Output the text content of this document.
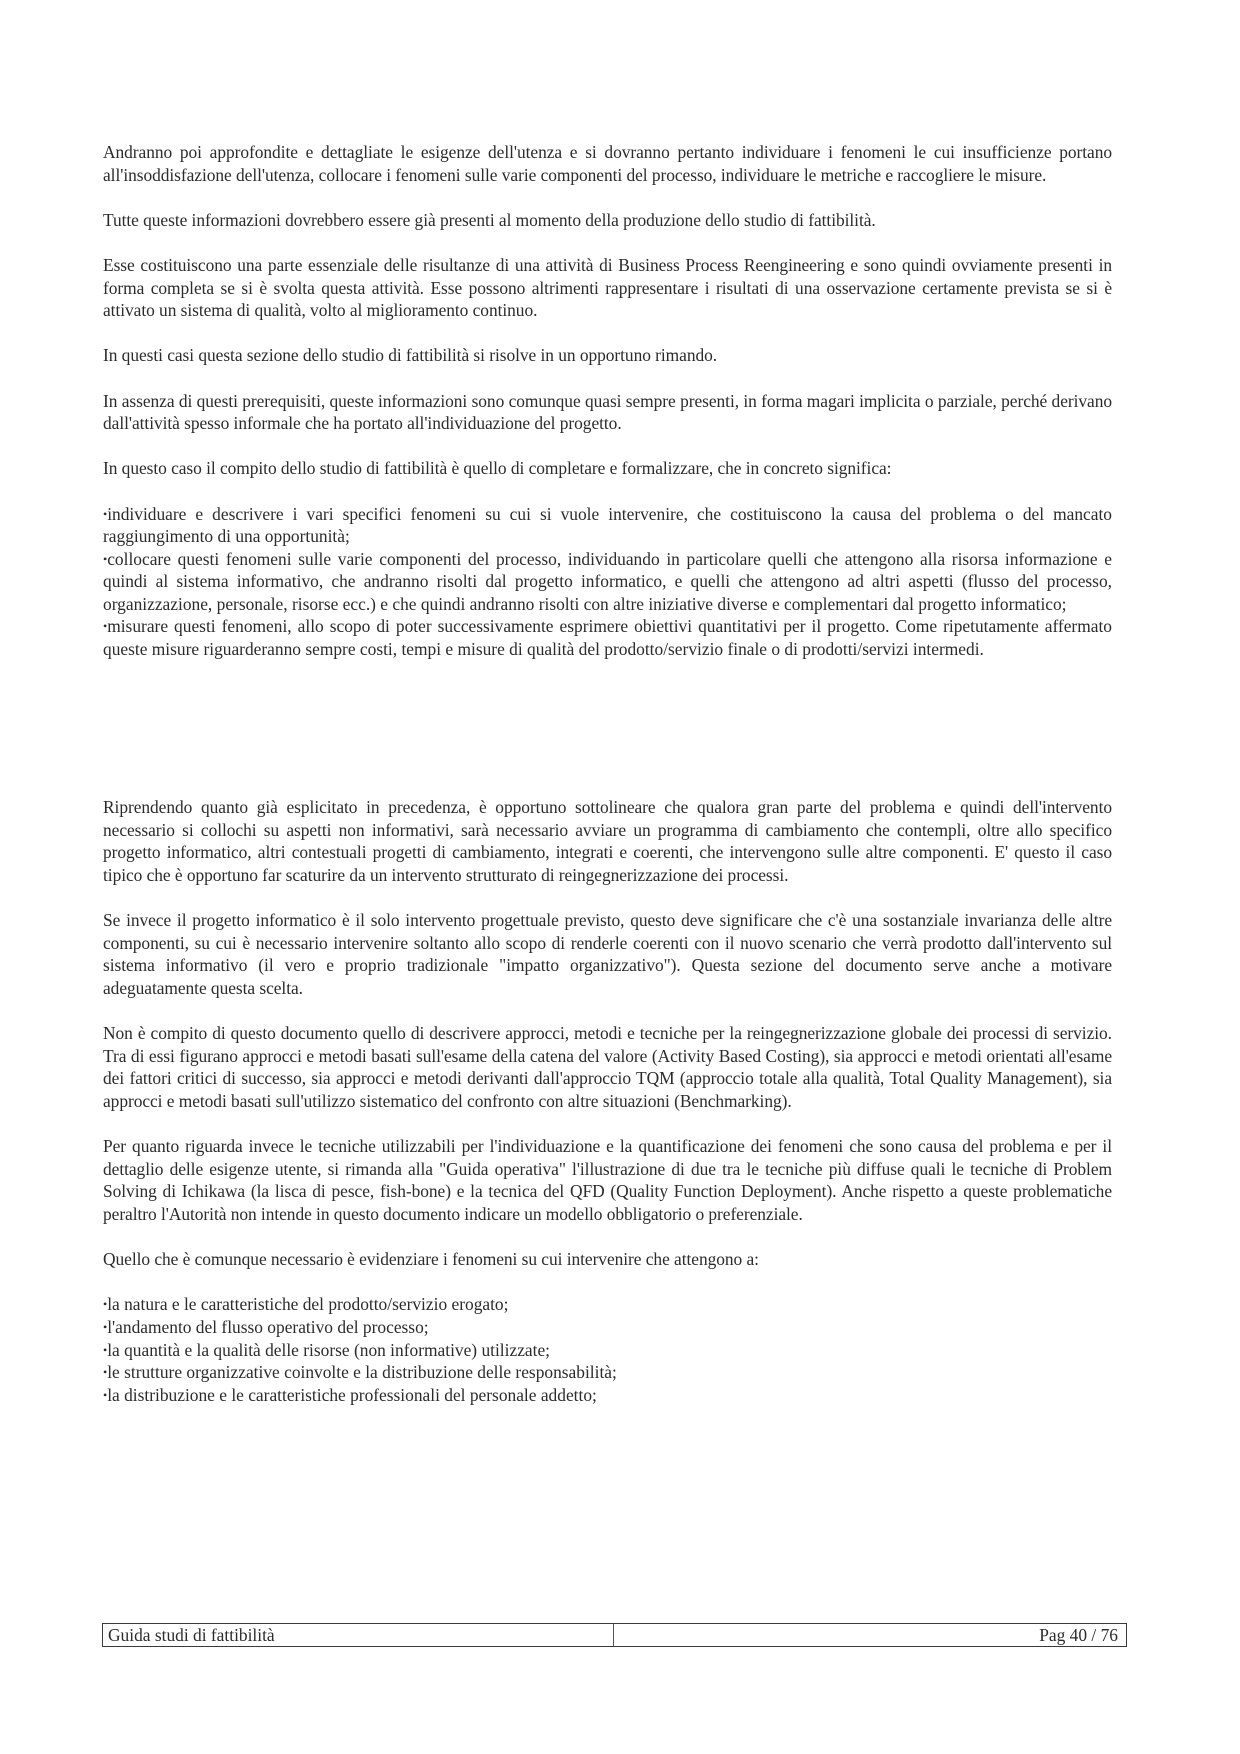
Andranno poi approfondite e dettagliate le esigenze dell'utenza e si dovranno pertanto individuare i fenomeni le cui insufficienze portano all'insoddisfazione dell'utenza, collocare i fenomeni sulle varie componenti del processo, individuare le metriche e raccogliere le misure.

Tutte queste informazioni dovrebbero essere già presenti al momento della produzione dello studio di fattibilità.

Esse costituiscono una parte essenziale delle risultanze di una attività di Business Process Reengineering e sono quindi ovviamente presenti in forma completa se si è svolta questa attività. Esse possono altrimenti rappresentare i risultati di una osservazione certamente prevista se si è attivato un sistema di qualità, volto al miglioramento continuo.

In questi casi questa sezione dello studio di fattibilità si risolve in un opportuno rimando.

In assenza di questi prerequisiti, queste informazioni sono comunque quasi sempre presenti, in forma magari implicita o parziale, perché derivano dall'attività spesso informale che ha portato all'individuazione del progetto.

In questo caso il compito dello studio di fattibilità è quello di completare e formalizzare, che in concreto significa:

•individuare e descrivere i vari specifici fenomeni su cui si vuole intervenire, che costituiscono la causa del problema o del mancato raggiungimento di una opportunità;
•collocare questi fenomeni sulle varie componenti del processo, individuando in particolare quelli che attengono alla risorsa informazione e quindi al sistema informativo, che andranno risolti dal progetto informatico, e quelli che attengono ad altri aspetti (flusso del processo, organizzazione, personale, risorse ecc.) e che quindi andranno risolti con altre iniziative diverse e complementari dal progetto informatico;
•misurare questi fenomeni, allo scopo di poter successivamente esprimere obiettivi quantitativi per il progetto. Come ripetutamente affermato queste misure riguarderanno sempre costi, tempi e misure di qualità del prodotto/servizio finale o di prodotti/servizi intermedi.

Riprendendo quanto già esplicitato in precedenza, è opportuno sottolineare che qualora gran parte del problema e quindi dell'intervento necessario si collochi su aspetti non informativi, sarà necessario avviare un programma di cambiamento che contempli, oltre allo specifico progetto informatico, altri contestuali progetti di cambiamento, integrati e coerenti, che intervengono sulle altre componenti. E' questo il caso tipico che è opportuno far scaturire da un intervento strutturato di reingegnerizzazione dei processi.

Se invece il progetto informatico è il solo intervento progettuale previsto, questo deve significare che c'è una sostanziale invarianza delle altre componenti, su cui è necessario intervenire soltanto allo scopo di renderle coerenti con il nuovo scenario che verrà prodotto dall'intervento sul sistema informativo (il vero e proprio tradizionale "impatto organizzativo"). Questa sezione del documento serve anche a motivare adeguatamente questa scelta.

Non è compito di questo documento quello di descrivere approcci, metodi e tecniche per la reingegnerizzazione globale dei processi di servizio. Tra di essi figurano approcci e metodi basati sull'esame della catena del valore (Activity Based Costing), sia approcci e metodi orientati all'esame dei fattori critici di successo, sia approcci e metodi derivanti dall'approccio TQM (approccio totale alla qualità, Total Quality Management), sia approcci e metodi basati sull'utilizzo sistematico del confronto con altre situazioni (Benchmarking).

Per quanto riguarda invece le tecniche utilizzabili per l'individuazione e la quantificazione dei fenomeni che sono causa del problema e per il dettaglio delle esigenze utente, si rimanda alla "Guida operativa" l'illustrazione di due tra le tecniche più diffuse quali le tecniche di Problem Solving di Ichikawa (la lisca di pesce, fish-bone) e la tecnica del QFD (Quality Function Deployment). Anche rispetto a queste problematiche peraltro l'Autorità non intende in questo documento indicare un modello obbligatorio o preferenziale.

Quello che è comunque necessario è evidenziare i fenomeni su cui intervenire che attengono a:

•la natura e le caratteristiche del prodotto/servizio erogato;
•l'andamento del flusso operativo del processo;
•la quantità e la qualità delle risorse (non informative) utilizzate;
•le strutture organizzative coinvolte e la distribuzione delle responsabilità;
•la distribuzione e le caratteristiche professionali del personale addetto;
Guida studi di fattibilità	Pag 40 / 76
